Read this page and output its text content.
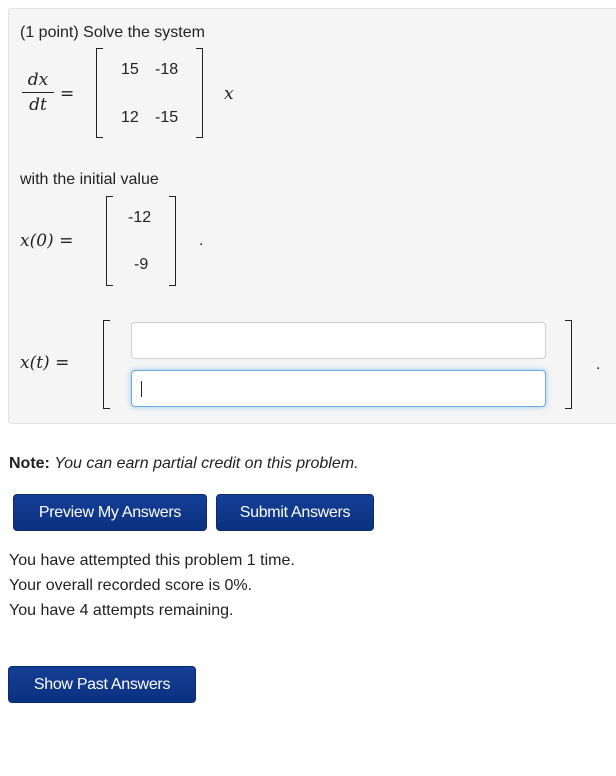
(1 point) Solve the system
dx
dt
=
15 -18
12 -15
x
with the initial value
x(0) =
-12
-9
.
x(t) =	.
Note: You can earn partial credit on this problem.
Preview My Answers	Submit Answers
You have attempted this problem 1 time.
Your overall recorded score is 0%.
You have 4 attempts remaining.
Show Past Answers
